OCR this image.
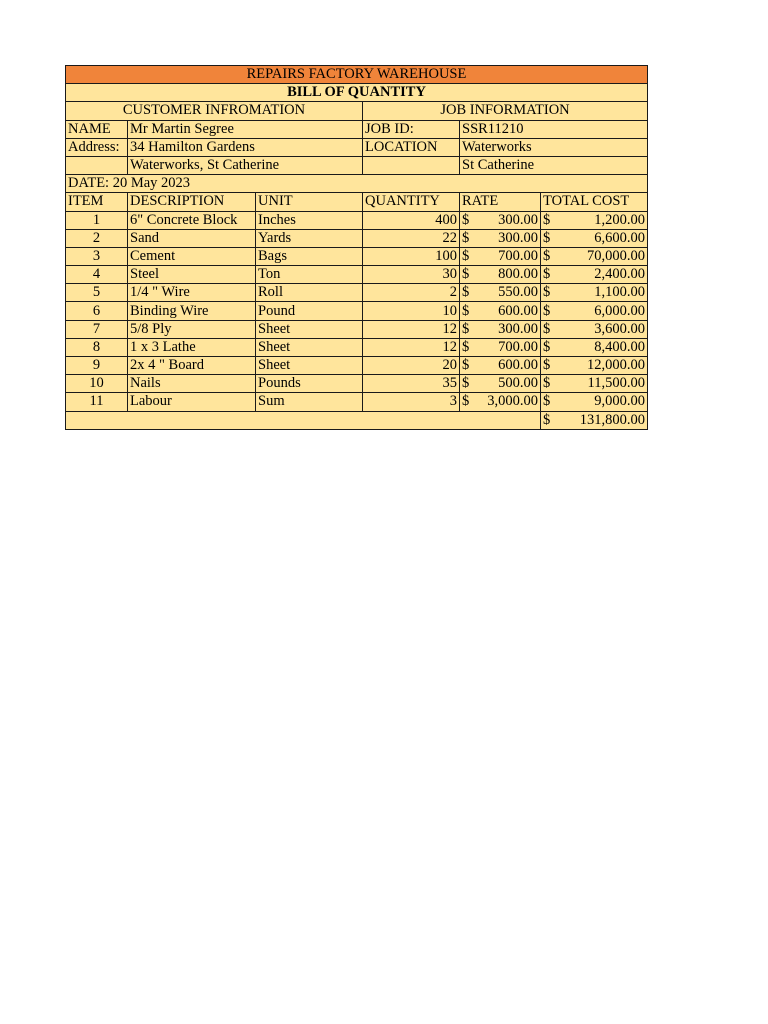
REPAIRS FACTORY WAREHOUSE					
BILL OF QUANTITY					
CUSTOMER INFROMATION			JOB INFORMATION		
NAME	Mr Martin Segree		JOB ID:	SSR11210	
Address:	34 Hamilton Gardens		LOCATION	Waterworks	
	Waterworks, St Catherine			St Catherine	
DATE: 20 May 2023					
ITEM	DESCRIPTION	UNIT	QUANTITY	RATE	TOTAL COST
1	6" Concrete Block	Inches	400	$ 300.00	$ 1,200.00

2	Sand	Yards	22	$ 300.00	$ 6,600.00

3	Cement	Bags	100	$ 700.00	$ 70,000.00

4	Steel	Ton	30	$ 800.00	$ 2,400.00

5	1/4 " Wire	Roll	2	$ 550.00	$ 1,100.00

6	Binding Wire	Pound	10	$ 600.00	$ 6,000.00

7	5/8 Ply	Sheet	12	$ 300.00	$ 3,600.00

8	1 x 3 Lathe	Sheet	12	$ 700.00	$ 8,400.00

9	2x 4 " Board	Sheet	20	$ 600.00	$ 12,000.00

10	Nails	Pounds	35	$ 500.00	$ 11,500.00

11	Labour	Sum	3	$ 3,000.00	$ 9,000.00

					$ 131,800.00
